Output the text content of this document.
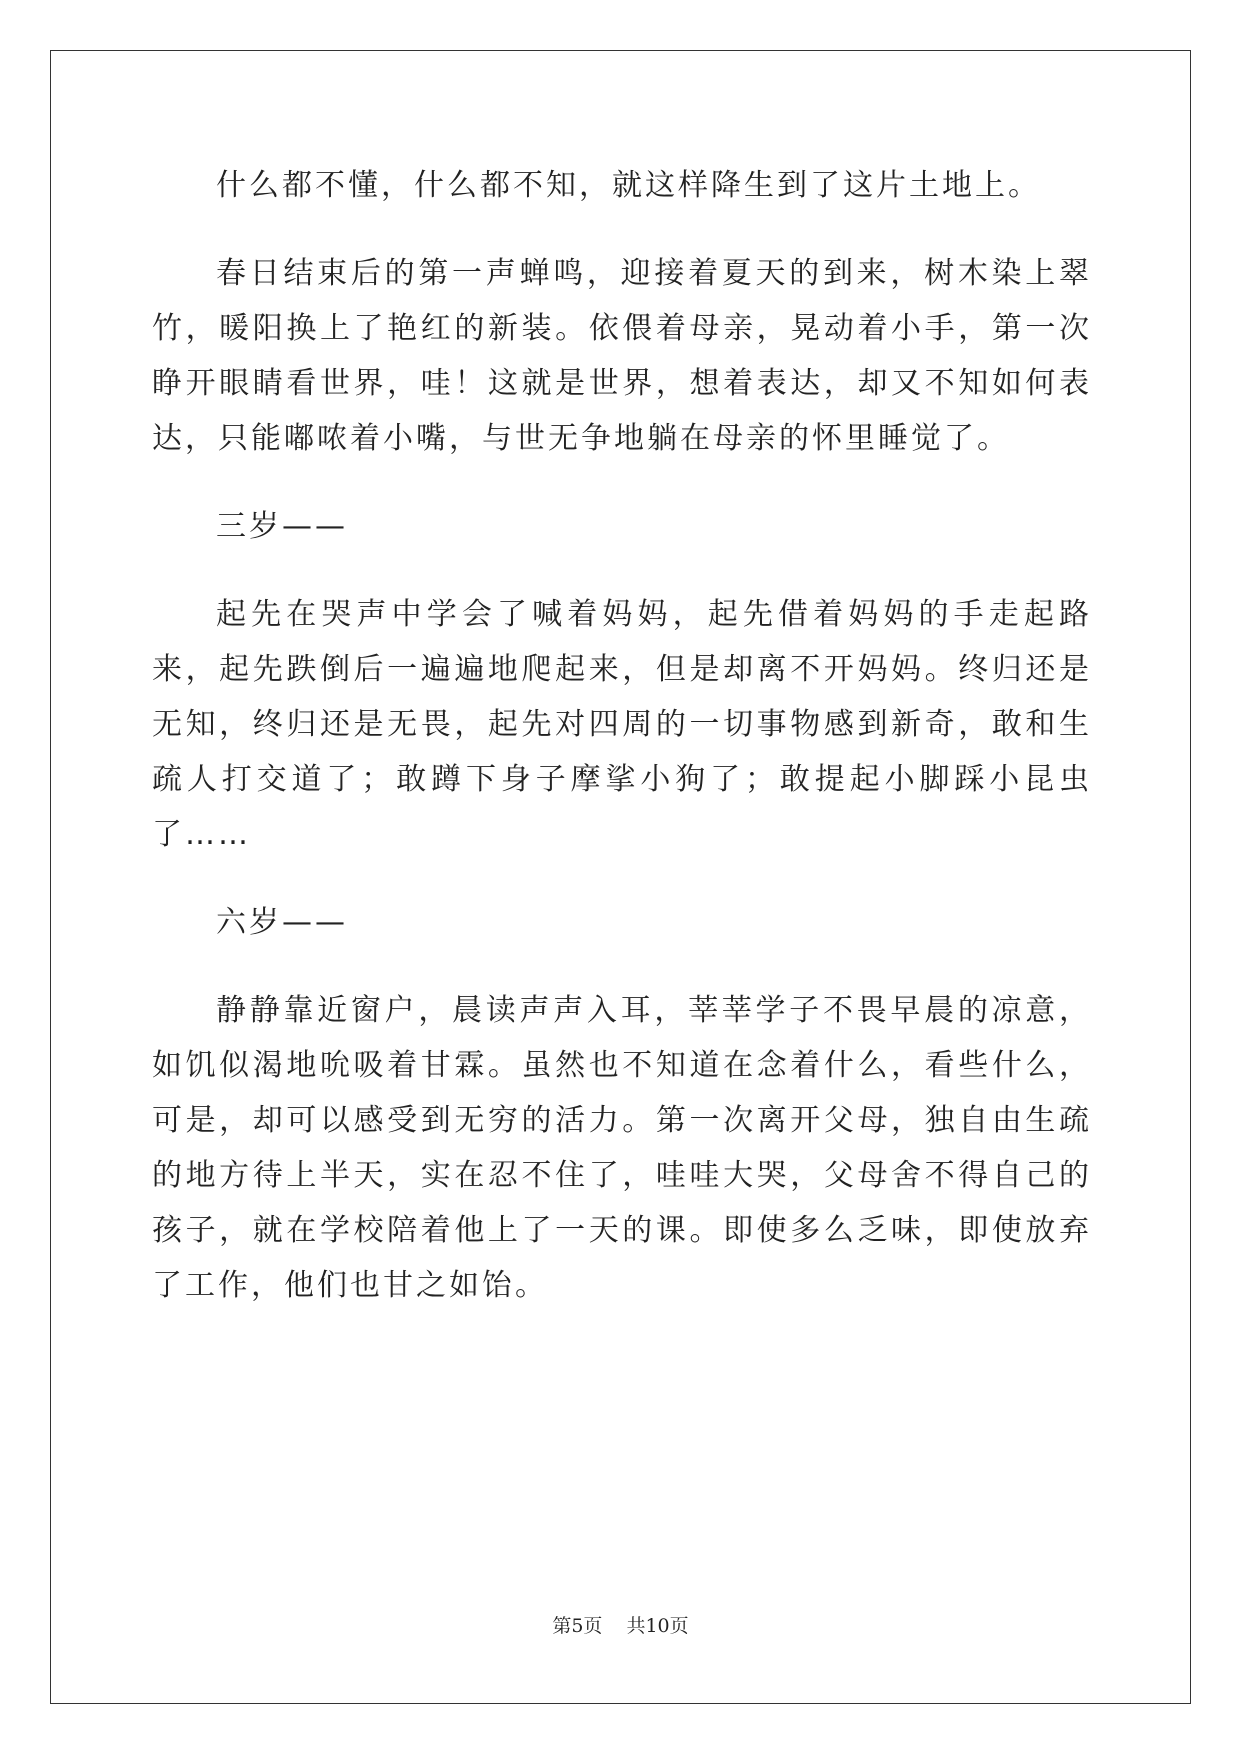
什么都不懂，什么都不知，就这样降生到了这片土地上。

春日结束后的第一声蝉鸣，迎接着夏天的到来，树木染上翠竹，暖阳换上了艳红的新装。依偎着母亲，晃动着小手，第一次睁开眼睛看世界，哇！这就是世界，想着表达，却又不知如何表达，只能嘟哝着小嘴，与世无争地躺在母亲的怀里睡觉了。

三岁——

起先在哭声中学会了喊着妈妈，起先借着妈妈的手走起路来，起先跌倒后一遍遍地爬起来，但是却离不开妈妈。终归还是无知，终归还是无畏，起先对四周的一切事物感到新奇，敢和生疏人打交道了；敢蹲下身子摩挲小狗了；敢提起小脚踩小昆虫了……

六岁——

静静靠近窗户，晨读声声入耳，莘莘学子不畏早晨的凉意，如饥似渴地吮吸着甘霖。虽然也不知道在念着什么，看些什么，可是，却可以感受到无穷的活力。第一次离开父母，独自由生疏的地方待上半天，实在忍不住了，哇哇大哭，父母舍不得自己的孩子，就在学校陪着他上了一天的课。即使多么乏味，即使放弃了工作，他们也甘之如饴。

第5页 共10页
